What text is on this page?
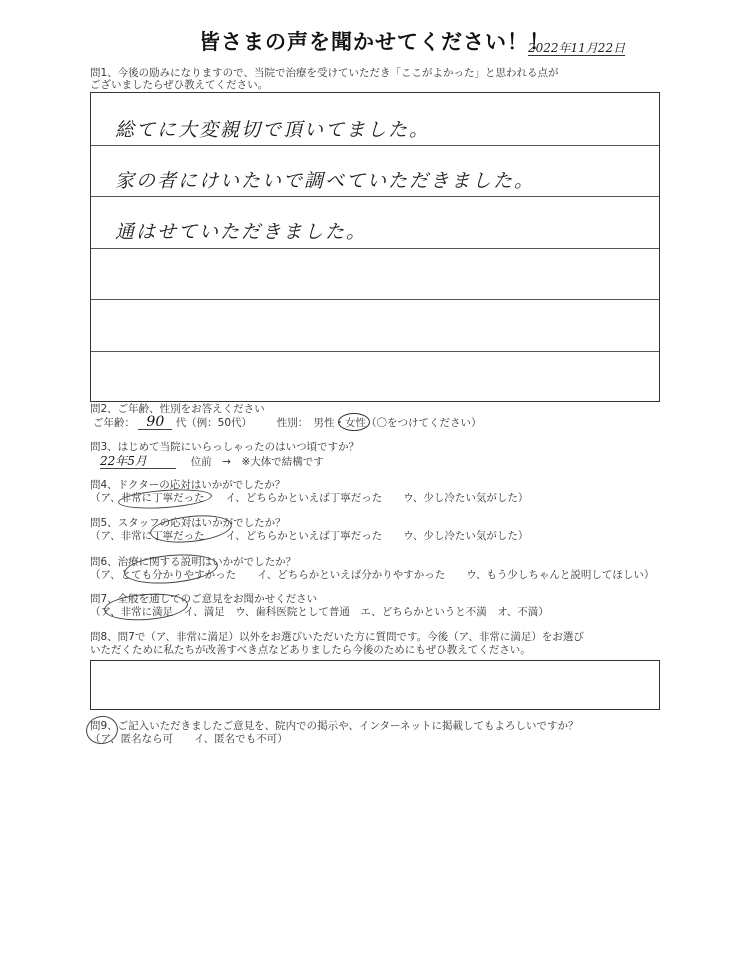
皆さまの声を聞かせてください！！
2022年11月22日
問1、今後の励みになりますので、当院で治療を受けていただき「ここがよかった」と思われる点が
ございましたらぜひ教えてください。
総てに大変親切で頂いてました。
家の者にけいたいで調べていただきました。
通はせていただきました。
問2、ご年齢、性別をお答えください
ご年齢： 90 代（例：50代） 性別：　男性・女性（〇をつけてください）
問3、はじめて当院にいらっしゃったのはいつ頃ですか？
22年5月	位前　→　※大体で結構です
問4、ドクターの応対はいかがでしたか？
（ア、非常に丁寧だった　　イ、どちらかといえば丁寧だった　　ウ、少し冷たい気がした）
問5、スタッフの応対はいかがでしたか？
（ア、非常に丁寧だった　　イ、どちらかといえば丁寧だった　　ウ、少し冷たい気がした）
問6、治療に関する説明はいかがでしたか？
（ア、とても分かりやすかった　　イ、どちらかといえば分かりやすかった　　ウ、もう少しちゃんと説明してほしい）
問7、全般を通してのご意見をお聞かせください
（ア、非常に満足　イ、満足　ウ、歯科医院として普通　エ、どちらかというと不満　オ、不満）
問8、問7で（ア、非常に満足）以外をお選びいただいた方に質問です。今後（ア、非常に満足）をお選び
いただくために私たちが改善すべき点などありましたら今後のためにもぜひ教えてください。
問9、ご記入いただきましたご意見を、院内での掲示や、インターネットに掲載してもよろしいですか？
（ア、匿名なら可　　イ、匿名でも不可）
